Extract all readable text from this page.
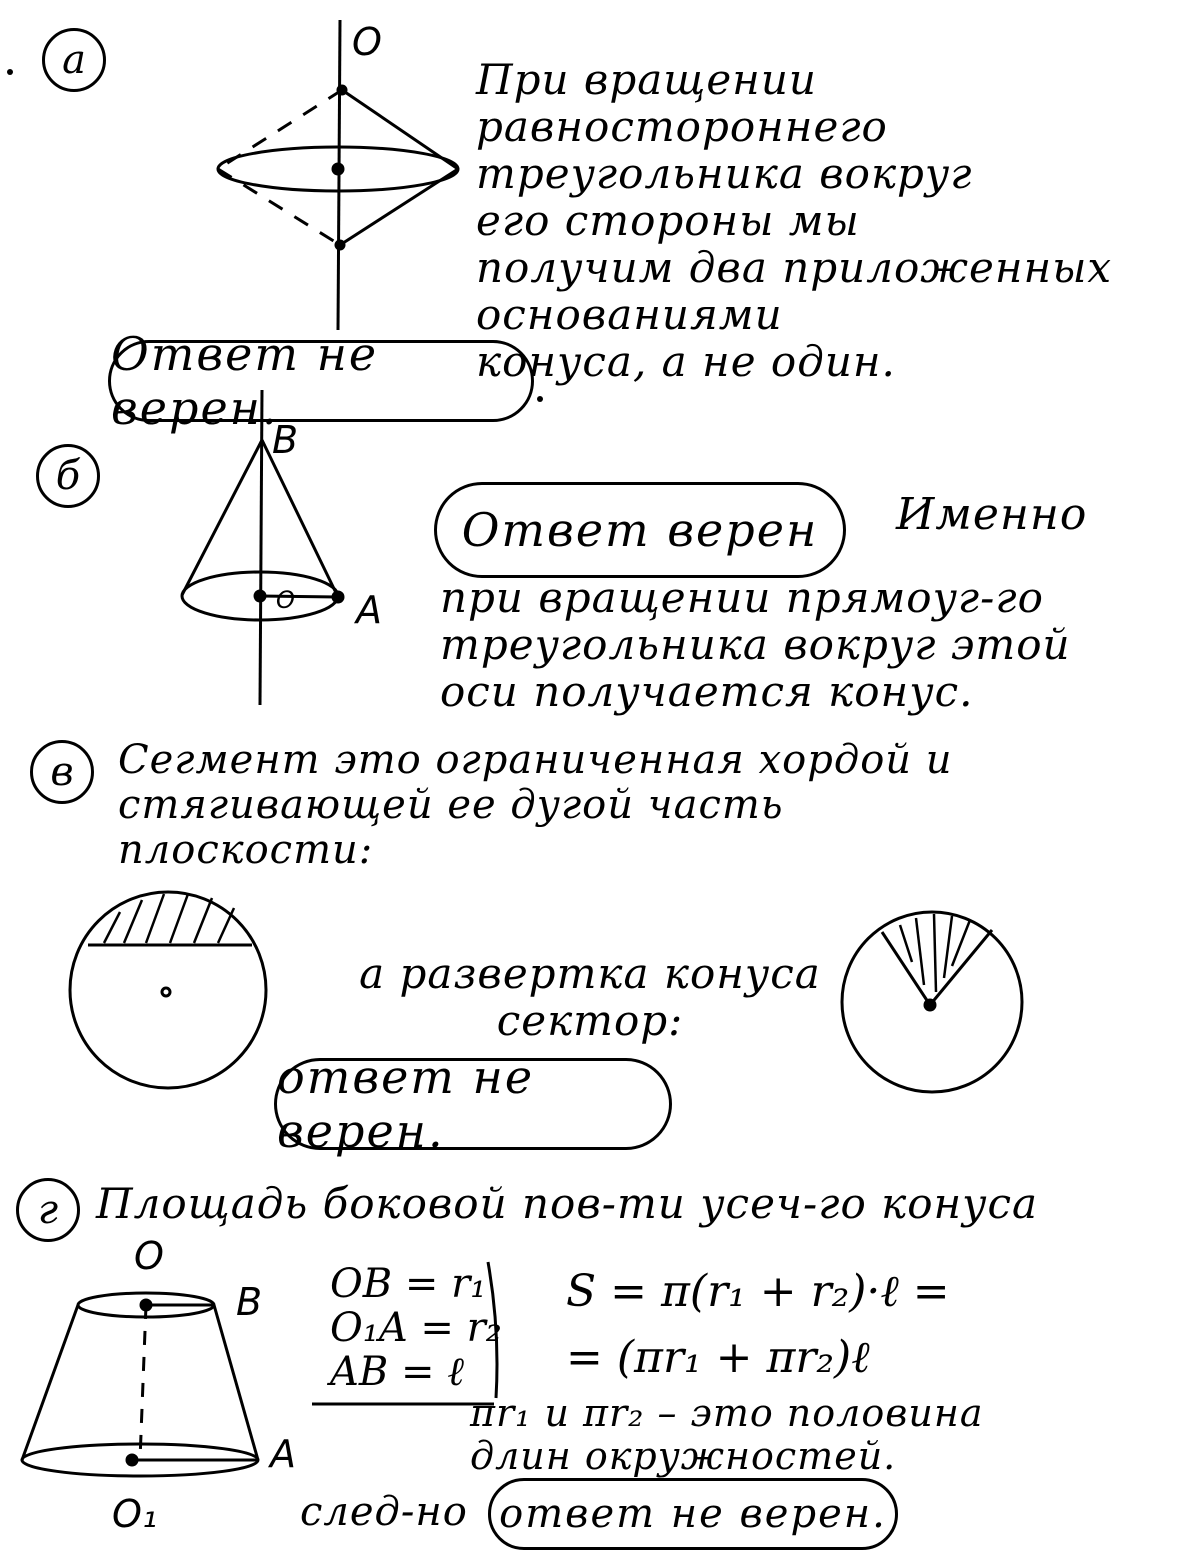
а	О
При вращении
равностороннего
треугольника вокруг
его стороны мы
получим два приложенных
основаниями
конуса, а не один.
Ответ не верен.
б
B
A
О
Ответ верен	Именно
при вращении прямоуг-го
треугольника вокруг этой
оси получается конус.
в	Сегмент это ограниченная хордой и
стягивающей ее дугой часть
плоскости:
а развертка конуса
сектор:
ответ не верен.
г Площадь боковой пов-ти усеч-го конуса
О
B
A
O₁
OB = r₁
O₁A = r₂
AB = ℓ
S = π(r₁ + r₂)·ℓ =
= (πr₁ + πr₂)ℓ
πr₁ и πr₂ – это половина
длин окружностей.
след-но ответ не верен.
